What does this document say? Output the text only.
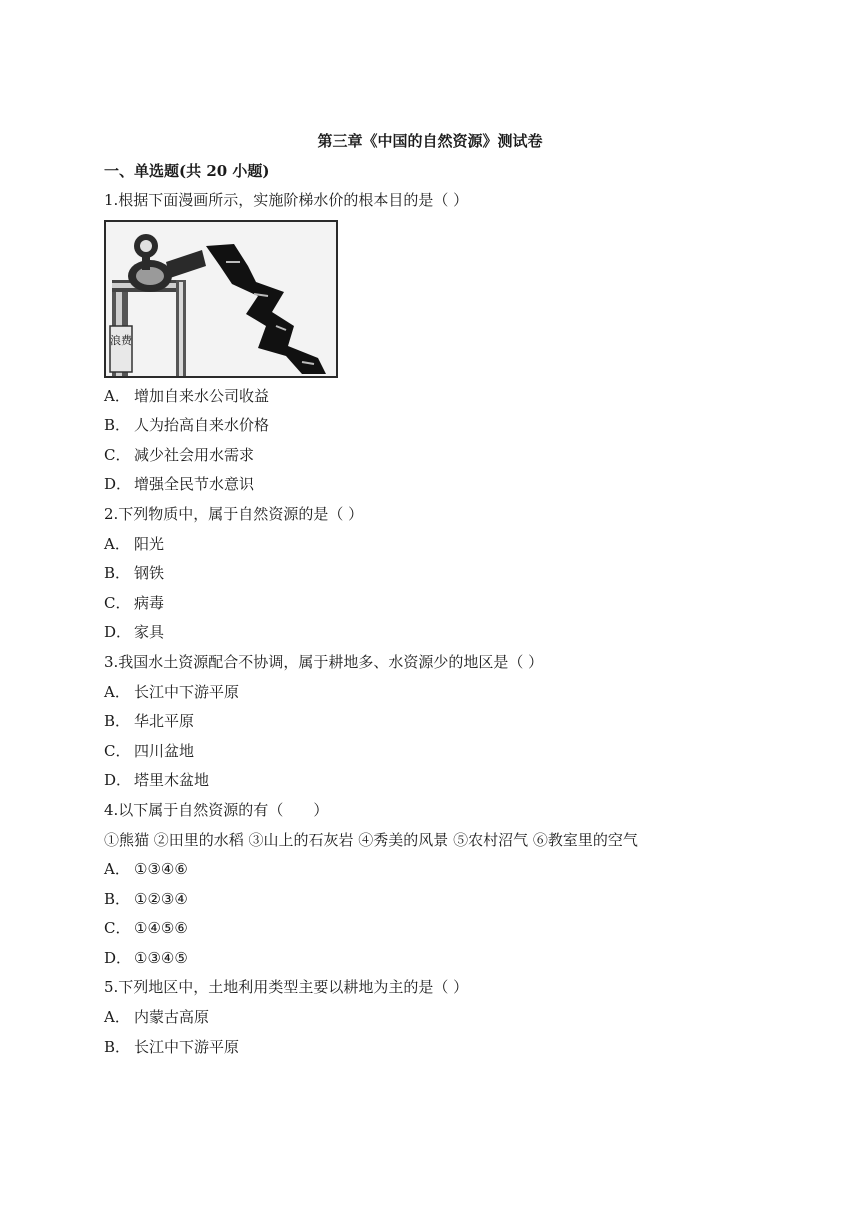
第三章《中国的自然资源》测试卷
一、单选题(共 20 小题)
1.根据下面漫画所示，实施阶梯水价的根本目的是（ ）
浪费
A． 增加自来水公司收益
B． 人为抬高自来水价格
C． 减少社会用水需求
D． 增强全民节水意识
2.下列物质中，属于自然资源的是（ ）
A． 阳光
B． 钢铁
C． 病毒
D． 家具
3.我国水土资源配合不协调，属于耕地多、水资源少的地区是（ ）
A． 长江中下游平原
B． 华北平原
C． 四川盆地
D． 塔里木盆地
4.以下属于自然资源的有（　　）
①熊猫 ②田里的水稻 ③山上的石灰岩 ④秀美的风景 ⑤农村沼气 ⑥教室里的空气
A． ①③④⑥
B． ①②③④
C． ①④⑤⑥
D． ①③④⑤
5.下列地区中，土地利用类型主要以耕地为主的是（ ）
A． 内蒙古高原
B． 长江中下游平原
